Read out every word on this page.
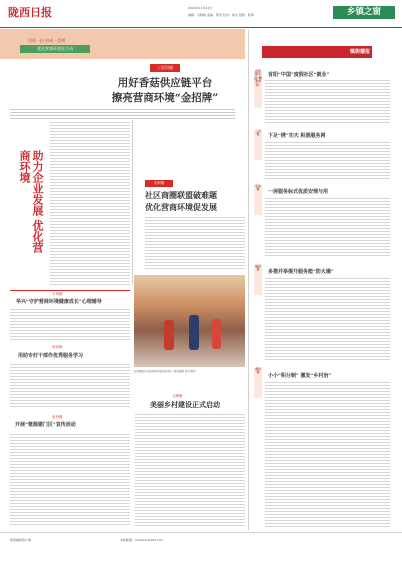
陇西日报	2024年11月22日
编辑：马晓敏 美编：陈贤 校对：周冰 组版：陈海	乡镇之窗
找准一招 形成一盘棋
优化营商环境在行动
三里沟镇
用好香菇供应链平台
擦亮营商环境“金招牌”
助力企业发展 优化营商环境	安坝镇
社区商圈联盟破难题
优化营商环境促发展
安坝镇组织开展营商环境宣传活动（陇西融媒 张学林摄）
丰坝镇
华兴“守护营商环境健康成长”心理辅导
尚家镇
用助专好干部作优秀服务学习
泉州镇
开展“楚源建门区”宣传活动
文峰镇
美丽乡村建设正式启动
镇街播报
首阳镇全面“精准施策”
首阳“中国”度假社区“就业”
三台镇	下足“绣”功夫 积酒服务网
宏伟镇	一屏服务标式优质安理与用
福星镇	多措并举提升服务能“防火墙”
渭阳镇
小小“积分制” 激发“乡村治”
陇西融媒客户端	本版邮箱：lxrbxzzc@163.com
